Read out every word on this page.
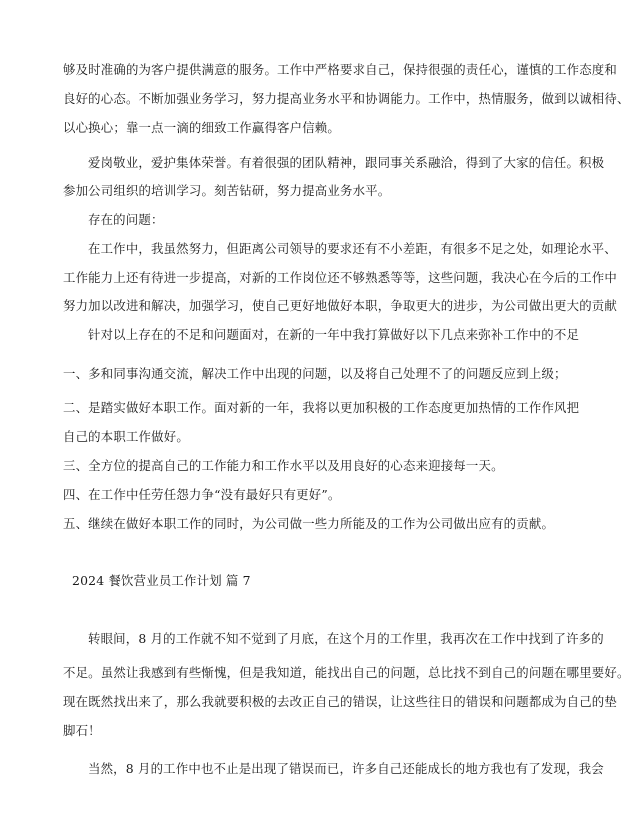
够及时准确的为客户提供满意的服务。工作中严格要求自己，保持很强的责任心，谨慎的工作态度和
良好的心态。不断加强业务学习，努力提高业务水平和协调能力。工作中，热情服务，做到以诚相待、
以心换心；靠一点一滴的细致工作赢得客户信赖。
爱岗敬业，爱护集体荣誉。有着很强的团队精神，跟同事关系融洽，得到了大家的信任。积极
参加公司组织的培训学习。刻苦钻研，努力提高业务水平。
存在的问题：
在工作中，我虽然努力，但距离公司领导的要求还有不小差距，有很多不足之处，如理论水平、
工作能力上还有待进一步提高，对新的工作岗位还不够熟悉等等，这些问题，我决心在今后的工作中
努力加以改进和解决，加强学习，使自己更好地做好本职，争取更大的进步，为公司做出更大的贡献
针对以上存在的不足和问题面对，在新的一年中我打算做好以下几点来弥补工作中的不足
一、多和同事沟通交流，解决工作中出现的问题，以及将自己处理不了的问题反应到上级；
二、是踏实做好本职工作。面对新的一年，我将以更加积极的工作态度更加热情的工作作风把
自己的本职工作做好。
三、全方位的提高自己的工作能力和工作水平以及用良好的心态来迎接每一天。
四、在工作中任劳任怨力争“没有最好只有更好”。
五、继续在做好本职工作的同时，为公司做一些力所能及的工作为公司做出应有的贡献。
2024 餐饮营业员工作计划 篇 7
转眼间，8 月的工作就不知不觉到了月底，在这个月的工作里，我再次在工作中找到了许多的
不足。虽然让我感到有些惭愧，但是我知道，能找出自己的问题，总比找不到自己的问题在哪里要好。
现在既然找出来了，那么我就要积极的去改正自己的错误，让这些往日的错误和问题都成为自己的垫
脚石！
当然，8 月的工作中也不止是出现了错误而已，许多自己还能成长的地方我也有了发现，我会
